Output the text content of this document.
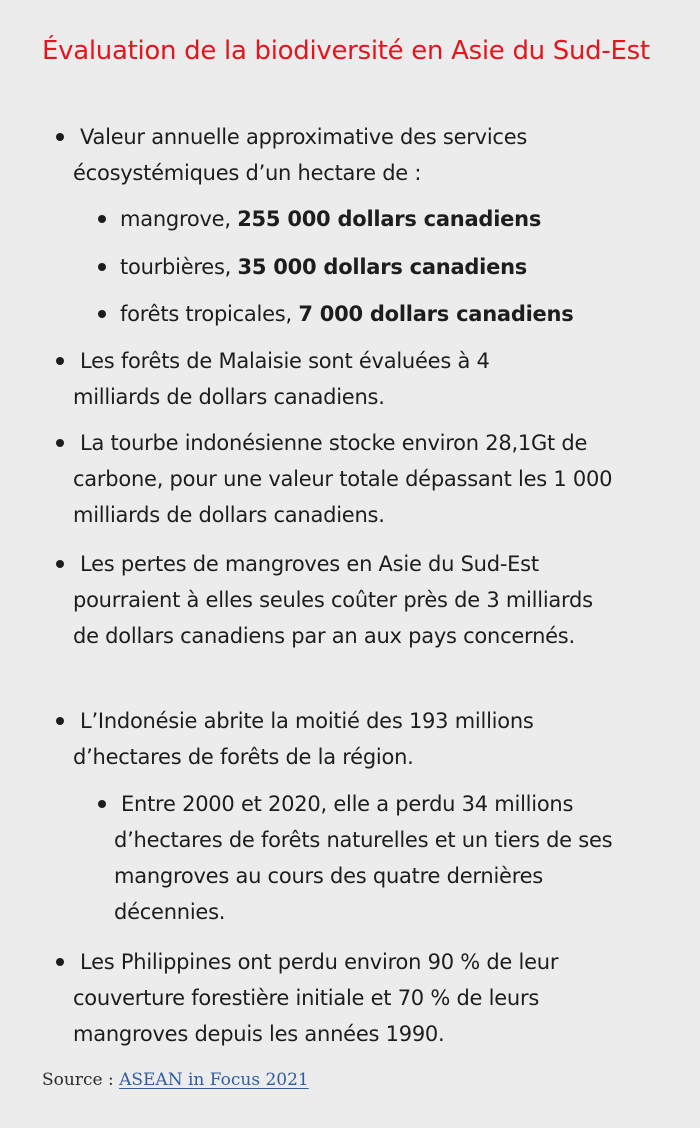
Évaluation de la biodiversité en Asie du Sud-Est
Valeur annuelle approximative des services écosystémiques d’un hectare de :
mangrove, 255 000 dollars canadiens
tourbières, 35 000 dollars canadiens
forêts tropicales, 7 000 dollars canadiens
Les forêts de Malaisie sont évaluées à 4 milliards de dollars canadiens.
La tourbe indonésienne stocke environ 28,1Gt de carbone, pour une valeur totale dépassant les 1 000 milliards de dollars canadiens.
Les pertes de mangroves en Asie du Sud-Est pourraient à elles seules coûter près de 3 milliards de dollars canadiens par an aux pays concernés.
L’Indonésie abrite la moitié des 193 millions d’hectares de forêts de la région.
Entre 2000 et 2020, elle a perdu 34 millions d’hectares de forêts naturelles et un tiers de ses mangroves au cours des quatre dernières décennies.
Les Philippines ont perdu environ 90 % de leur couverture forestière initiale et 70 % de leurs mangroves depuis les années 1990.
Source : ASEAN in Focus 2021
